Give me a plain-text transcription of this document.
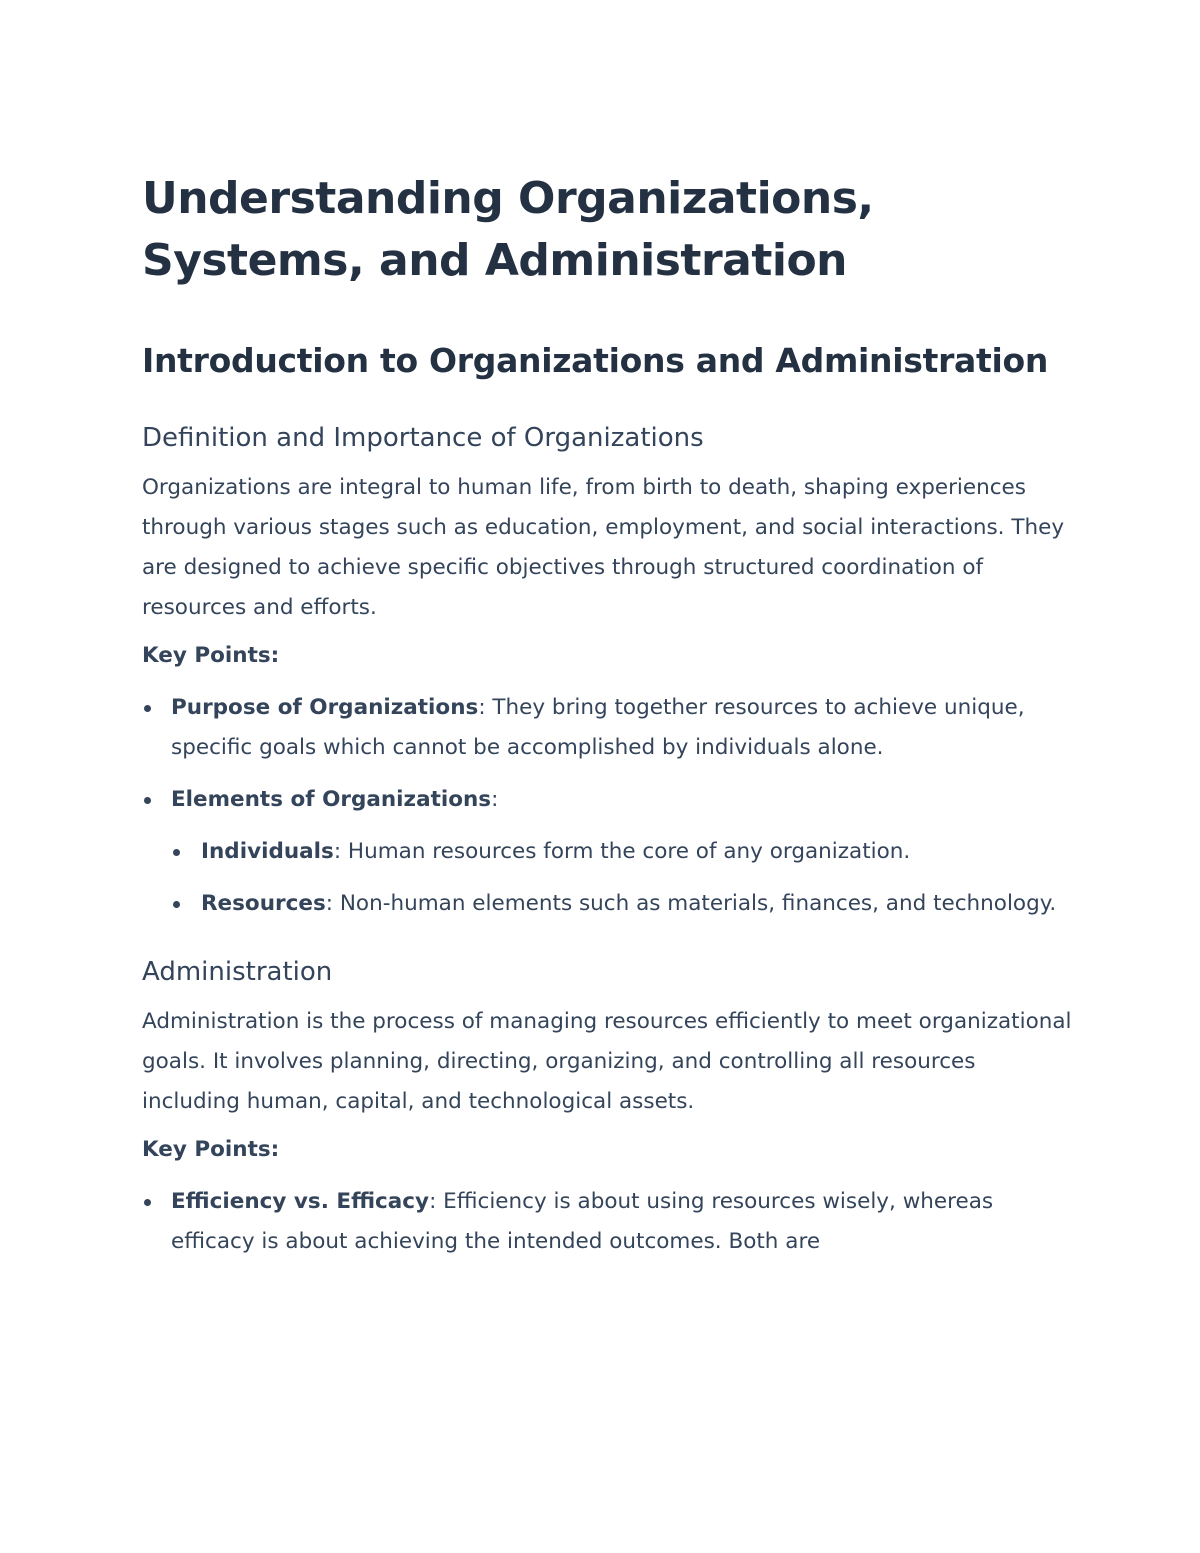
Understanding Organizations, Systems, and Administration
Introduction to Organizations and Administration
Definition and Importance of Organizations

Organizations are integral to human life, from birth to death, shaping experiences through various stages such as education, employment, and social interactions. They are designed to achieve specific objectives through structured coordination of resources and efforts.

Key Points:
Purpose of Organizations: They bring together resources to achieve unique, specific goals which cannot be accomplished by individuals alone.
Elements of Organizations:
Individuals: Human resources form the core of any organization.
Resources: Non-human elements such as materials, finances, and technology.
Administration

Administration is the process of managing resources efficiently to meet organizational goals. It involves planning, directing, organizing, and controlling all resources including human, capital, and technological assets.

Key Points:
Efficiency vs. Efficacy: Efficiency is about using resources wisely, whereas efficacy is about achieving the intended outcomes. Both are
